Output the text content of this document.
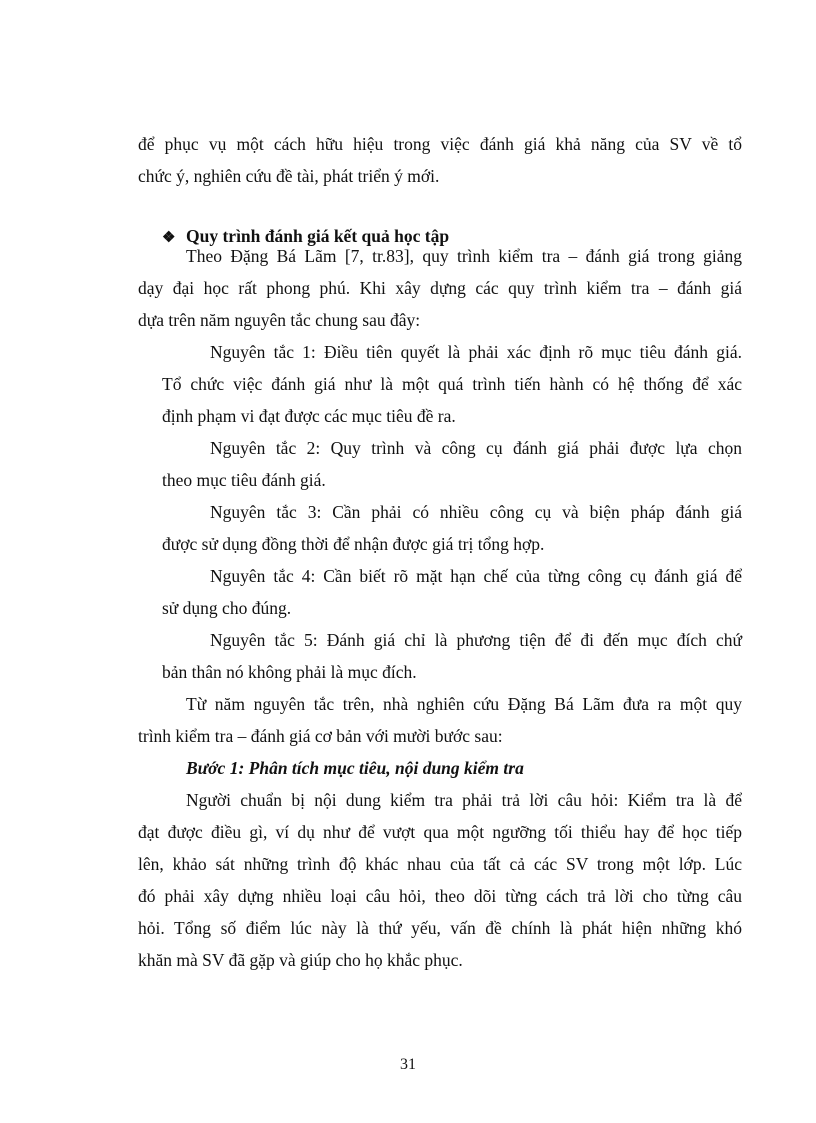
để phục vụ một cách hữu hiệu trong việc đánh giá khả năng của SV về tổ
chức ý, nghiên cứu đề tài, phát triển ý mới.
❖ Quy trình đánh giá kết quả học tập
Theo Đặng Bá Lãm [7, tr.83], quy trình kiểm tra – đánh giá trong giảng
dạy đại học rất phong phú. Khi xây dựng các quy trình kiểm tra – đánh giá
dựa trên năm nguyên tắc chung sau đây:
Nguyên tắc 1: Điều tiên quyết là phải xác định rõ mục tiêu đánh giá.
Tổ chức việc đánh giá như là một quá trình tiến hành có hệ thống để xác
định phạm vi đạt được các mục tiêu đề ra.
Nguyên tắc 2: Quy trình và công cụ đánh giá phải được lựa chọn
theo mục tiêu đánh giá.
Nguyên tắc 3: Cần phải có nhiều công cụ và biện pháp đánh giá
được sử dụng đồng thời để nhận được giá trị tổng hợp.
Nguyên tắc 4: Cần biết rõ mặt hạn chế của từng công cụ đánh giá để
sử dụng cho đúng.
Nguyên tắc 5: Đánh giá chỉ là phương tiện để đi đến mục đích chứ
bản thân nó không phải là mục đích.
Từ năm nguyên tắc trên, nhà nghiên cứu Đặng Bá Lãm đưa ra một quy
trình kiểm tra – đánh giá cơ bản với mười bước sau:
Bước 1: Phân tích mục tiêu, nội dung kiểm tra
Người chuẩn bị nội dung kiểm tra phải trả lời câu hỏi: Kiểm tra là để
đạt được điều gì, ví dụ như để vượt qua một ngưỡng tối thiểu hay để học tiếp
lên, khảo sát những trình độ khác nhau của tất cả các SV trong một lớp. Lúc
đó phải xây dựng nhiều loại câu hỏi, theo dõi từng cách trả lời cho từng câu
hỏi. Tổng số điểm lúc này là thứ yếu, vấn đề chính là phát hiện những khó
khăn mà SV đã gặp và giúp cho họ khắc phục.
31
